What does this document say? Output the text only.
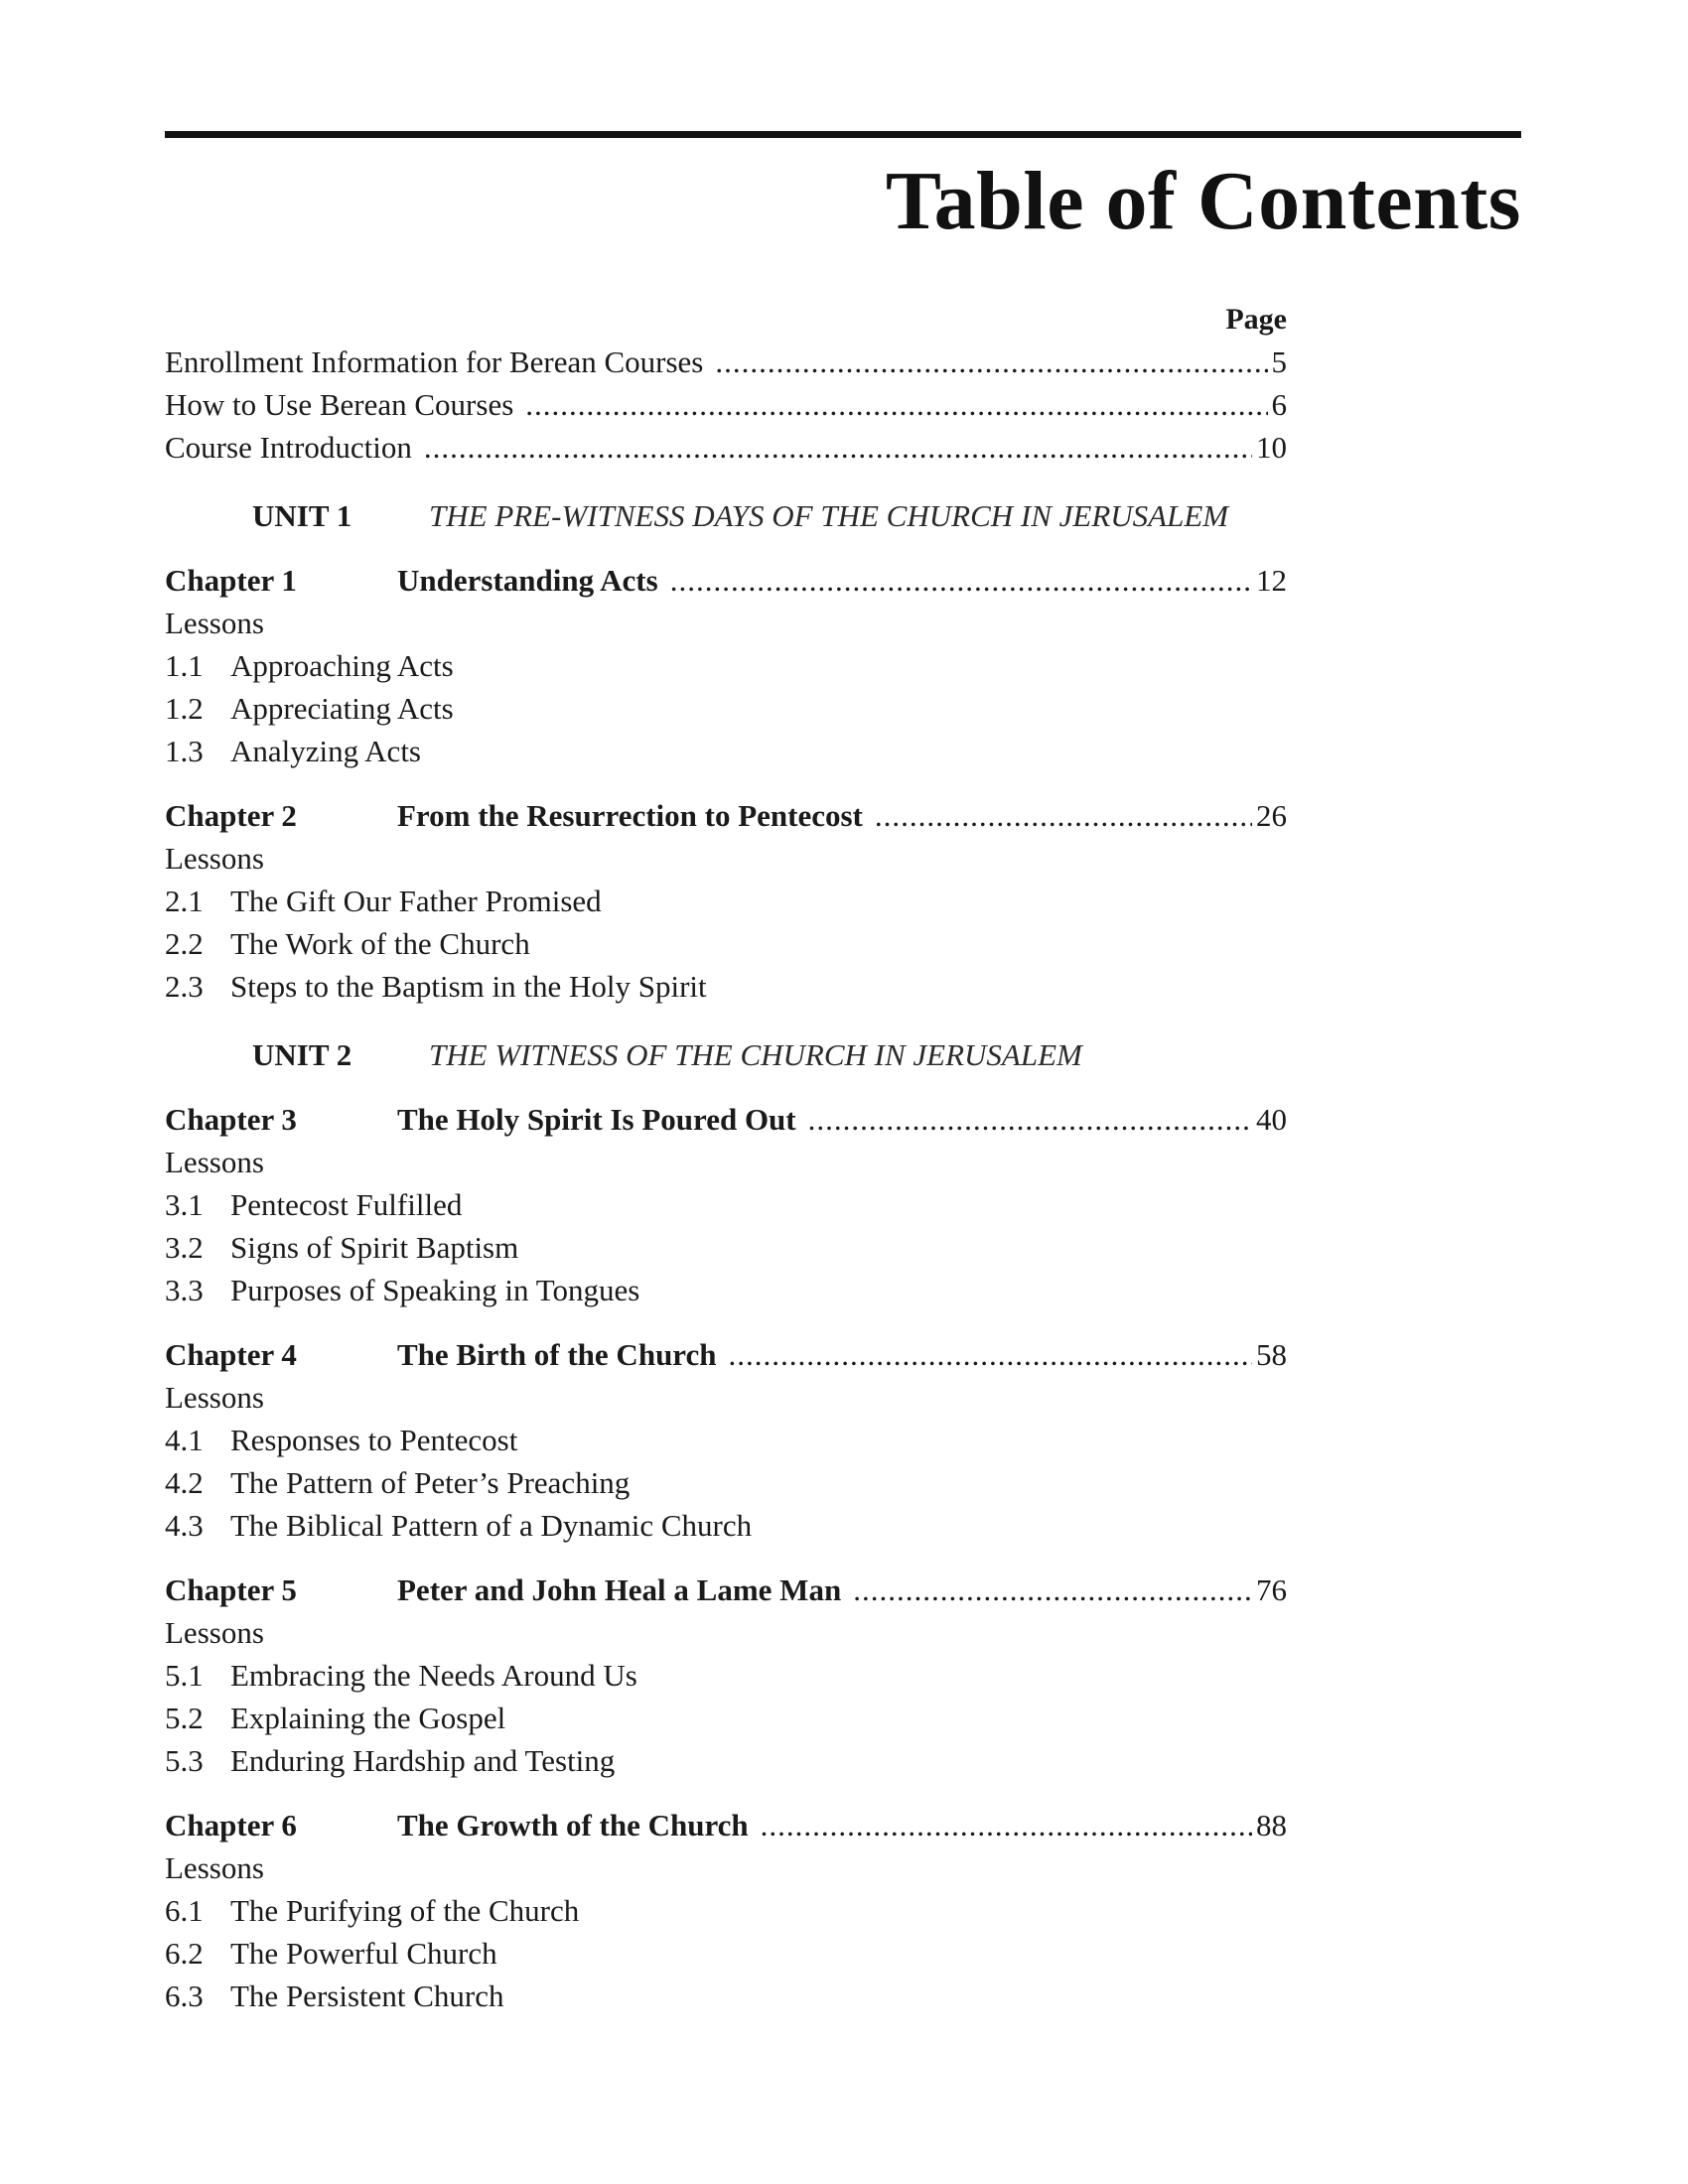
Table of Contents
Page
Enrollment Information for Berean Courses .....	5
How to Use Berean Courses .....	6
Course Introduction .....	10
UNIT 1	THE PRE-WITNESS DAYS OF THE CHURCH IN JERUSALEM
Chapter 1	Understanding Acts .....	12
Lessons
1.1 Approaching Acts
1.2 Appreciating Acts
1.3 Analyzing Acts
Chapter 2	From the Resurrection to Pentecost .....	26
Lessons
2.1 The Gift Our Father Promised
2.2 The Work of the Church
2.3 Steps to the Baptism in the Holy Spirit
UNIT 2	THE WITNESS OF THE CHURCH IN JERUSALEM
Chapter 3	The Holy Spirit Is Poured Out .....	40
Lessons
3.1 Pentecost Fulfilled
3.2 Signs of Spirit Baptism
3.3 Purposes of Speaking in Tongues
Chapter 4	The Birth of the Church .....	58
Lessons
4.1 Responses to Pentecost
4.2 The Pattern of Peter’s Preaching
4.3 The Biblical Pattern of a Dynamic Church
Chapter 5	Peter and John Heal a Lame Man .....	76
Lessons
5.1 Embracing the Needs Around Us
5.2 Explaining the Gospel
5.3 Enduring Hardship and Testing
Chapter 6	The Growth of the Church .....	88
Lessons
6.1 The Purifying of the Church
6.2 The Powerful Church
6.3 The Persistent Church
